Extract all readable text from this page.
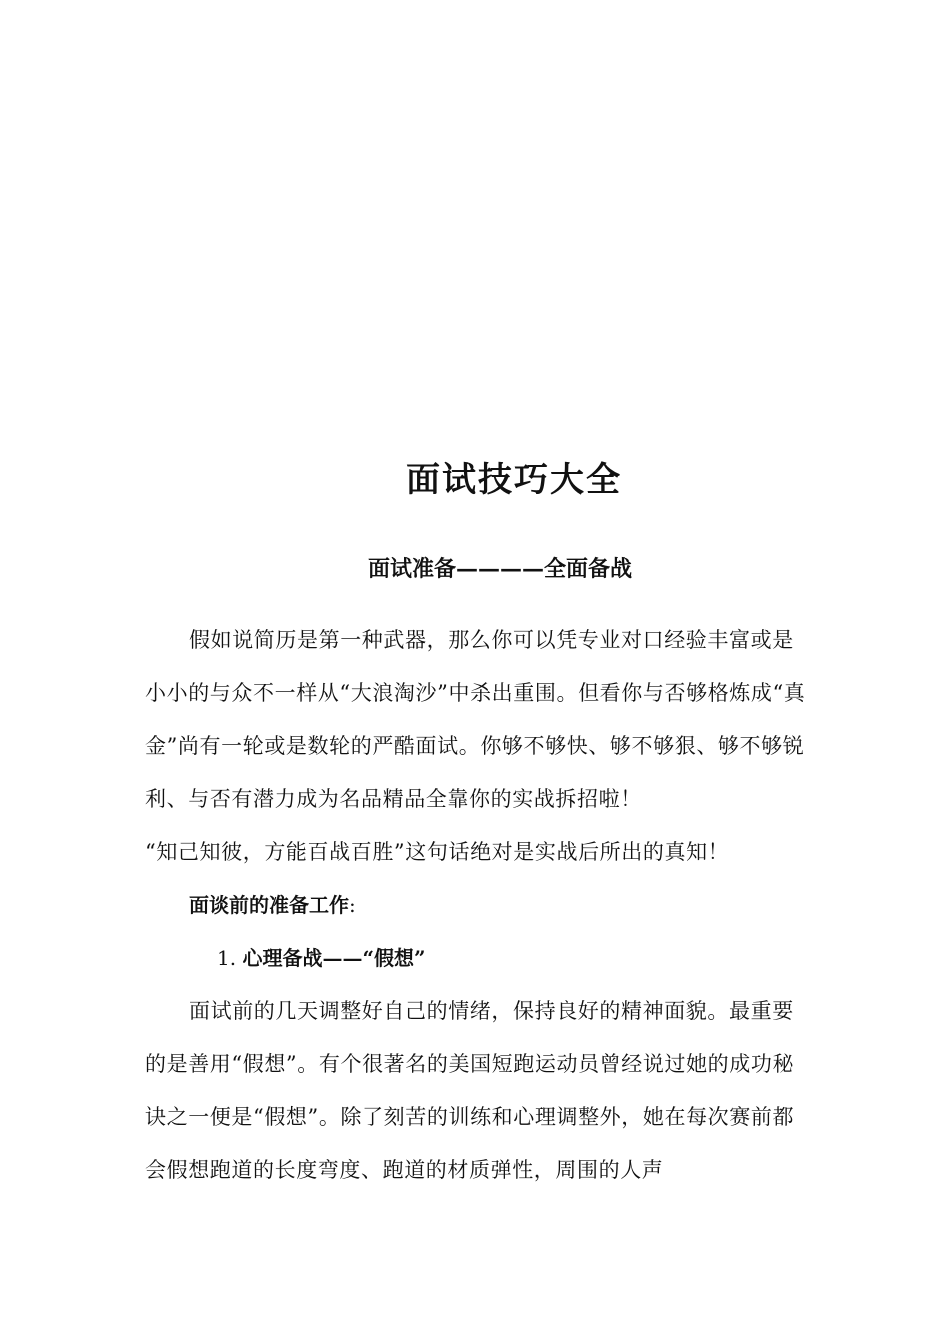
面试技巧大全
面试准备————全面备战

假如说简历是第一种武器，那么你可以凭专业对口经验丰富或是小小的与众不一样从“大浪淘沙”中杀出重围。但看你与否够格炼成“真金”尚有一轮或是数轮的严酷面试。你够不够快、够不够狠、够不够锐利、与否有潜力成为名品精品全靠你的实战拆招啦！

“知己知彼，方能百战百胜”这句话绝对是实战后所出的真知！

面谈前的准备工作:

1. 心理备战——“假想”

面试前的几天调整好自己的情绪，保持良好的精神面貌。最重要的是善用“假想”。有个很著名的美国短跑运动员曾经说过她的成功秘诀之一便是“假想”。除了刻苦的训练和心理调整外，她在每次赛前都会假想跑道的长度弯度、跑道的材质弹性，周围的人声
